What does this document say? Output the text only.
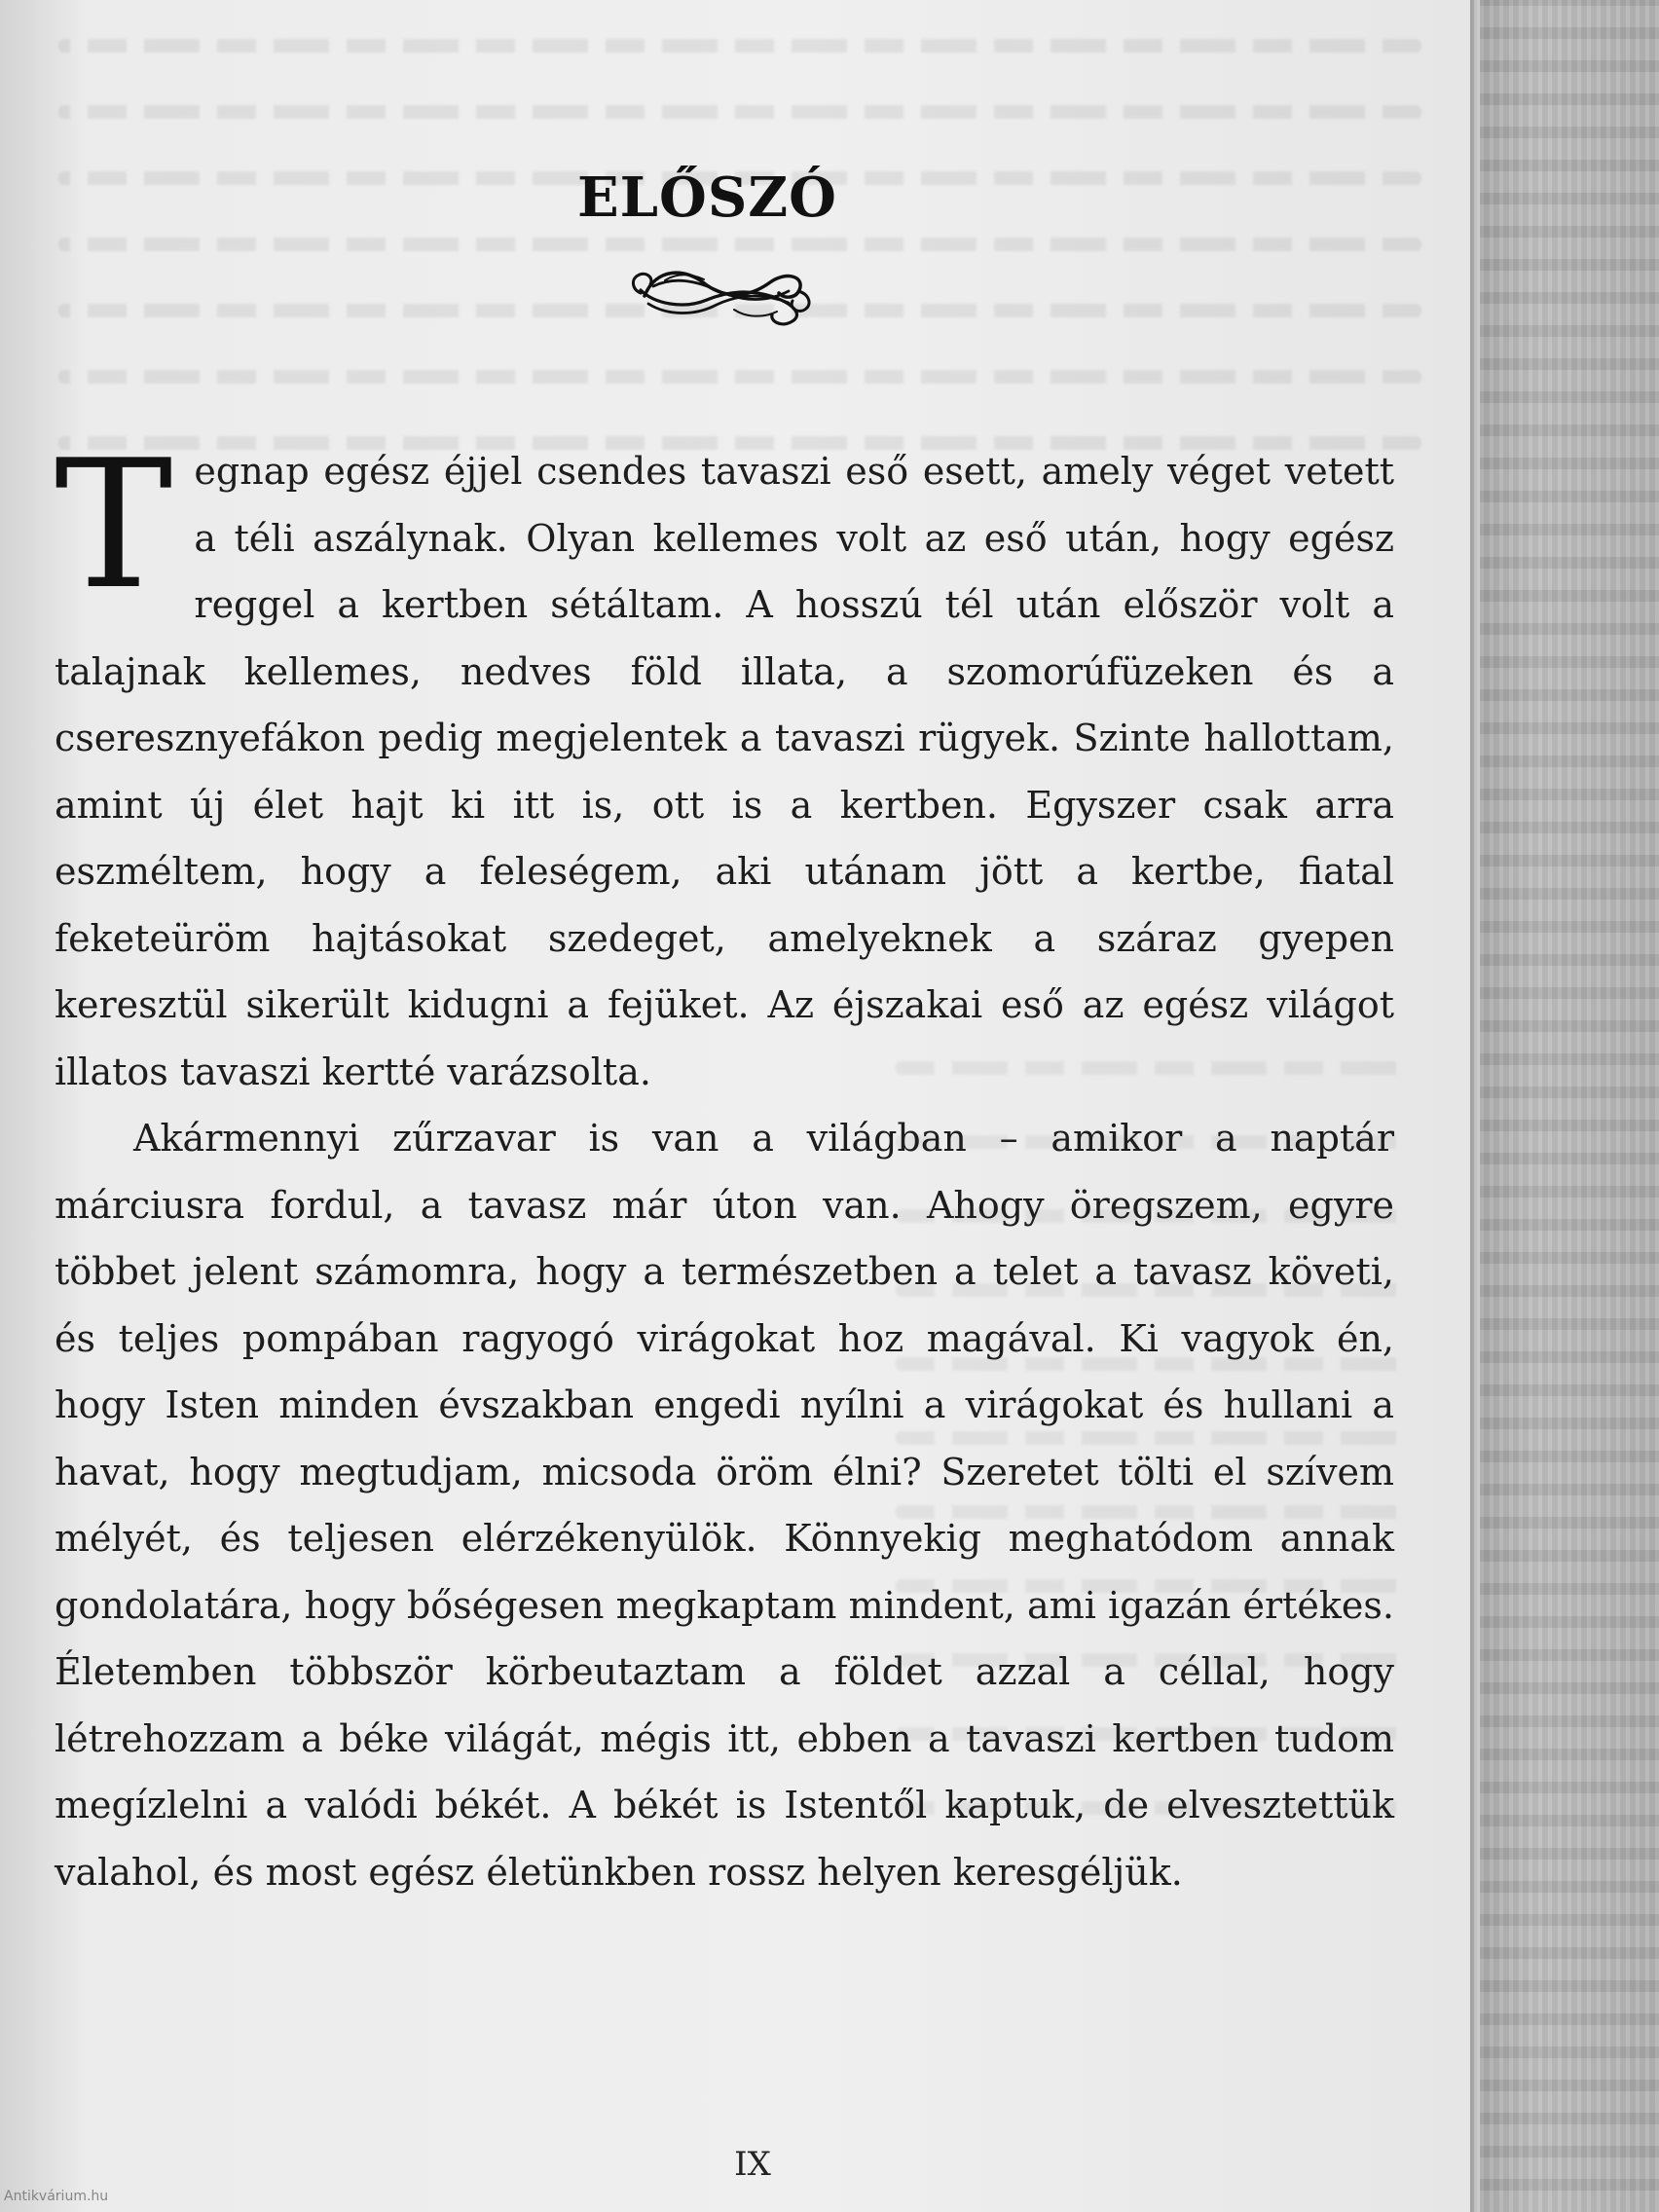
ELŐSZÓ

T egnap egész éjjel csendes tavaszi eső esett, amely véget vetett a téli aszálynak. Olyan kellemes volt az eső után, hogy egész reggel a kertben sétáltam. A hosszú tél után először volt a talajnak kellemes, nedves föld illata, a szomorúfüzeken és a cseresznyefákon pedig megjelentek a tavaszi rügyek. Szinte hallottam, amint új élet hajt ki itt is, ott is a kertben. Egyszer csak arra eszméltem, hogy a feleségem, aki utánam jött a kertbe, fiatal feketeüröm hajtásokat szedeget, amelyeknek a száraz gyepen keresztül sikerült kidugni a fejüket. Az éjszakai eső az egész világot illatos tavaszi kertté varázsolta.

Akármennyi zűrzavar is van a világban – amikor a naptár márciusra fordul, a tavasz már úton van. Ahogy öregszem, egyre többet jelent számomra, hogy a természetben a telet a tavasz követi, és teljes pompában ragyogó virágokat hoz magával. Ki vagyok én, hogy Isten minden évszakban engedi nyílni a virágokat és hullani a havat, hogy megtudjam, micsoda öröm élni? Szeretet tölti el szívem mélyét, és teljesen elérzékenyülök. Könnyekig meghatódom annak gondolatára, hogy bőségesen megkaptam mindent, ami igazán értékes. Életemben többször körbeutaztam a földet azzal a céllal, hogy létrehozzam a béke világát, mégis itt, ebben a tavaszi kertben tudom megízlelni a valódi békét. A békét is Istentől kaptuk, de elvesztettük valahol, és most egész életünkben rossz helyen keresgéljük.

IX
Antikvárium.hu
